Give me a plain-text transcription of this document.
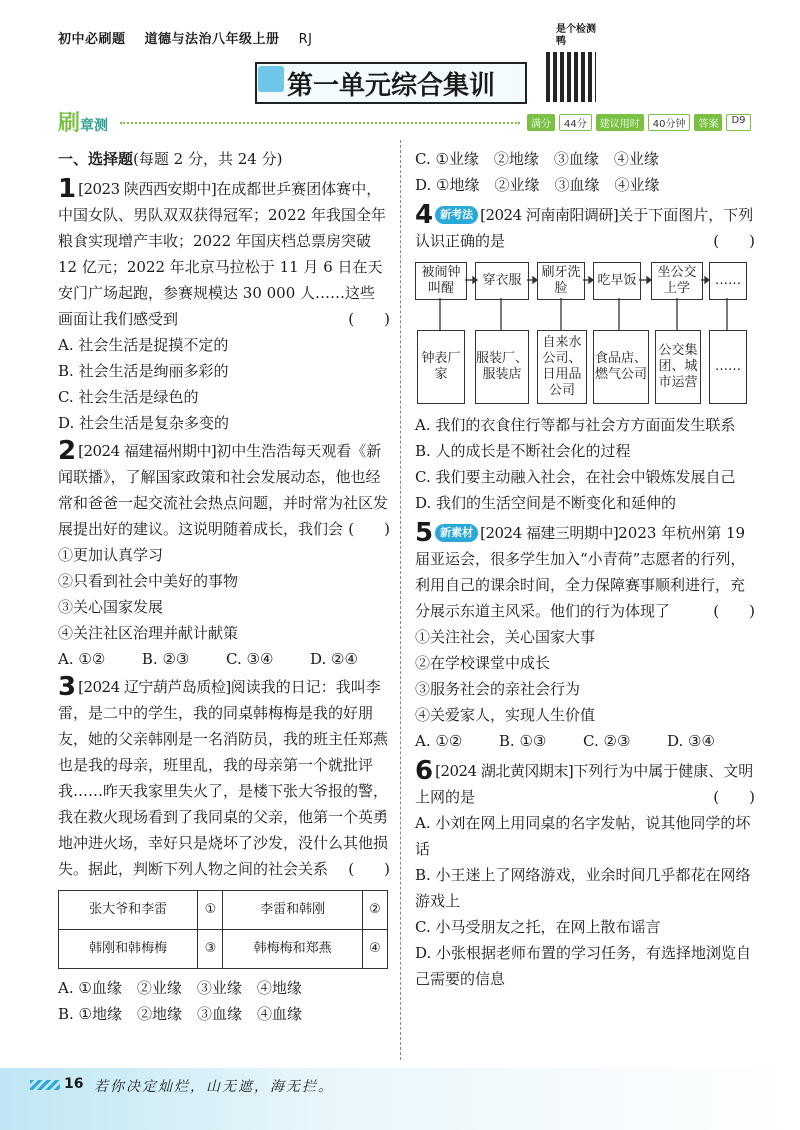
初中必刷题 道德与法治八年级上册 RJ
是个检测鸭
第一单元综合集训
刷章测	满分	44分	建议用时	40分钟	答案	D9
一、选择题(每题 2 分，共 24 分)
1 [2023 陕西西安期中]在成都世乒赛团体赛中，中国女队、男队双双获得冠军；2022 年我国全年粮食实现增产丰收；2022 年国庆档总票房突破 12 亿元；2022 年北京马拉松于 11 月 6 日在天安门广场起跑，参赛规模达 30 000 人……这些画面让我们感受到	(　　)
A. 社会生活是捉摸不定的
B. 社会生活是绚丽多彩的
C. 社会生活是绿色的
D. 社会生活是复杂多变的
2 [2024 福建福州期中]初中生浩浩每天观看《新闻联播》，了解国家政策和社会发展动态，他也经常和爸爸一起交流社会热点问题，并时常为社区发展提出好的建议。这说明随着成长，我们会 (　　)
①更加认真学习
②只看到社会中美好的事物
③关心国家发展
④关注社区治理并献计献策
A. ①② B. ②③ C. ③④ D. ②④
3 [2024 辽宁葫芦岛质检]阅读我的日记：我叫李雷，是二中的学生，我的同桌韩梅梅是我的好朋友，她的父亲韩刚是一名消防员，我的班主任郑燕也是我的母亲，班里乱，我的母亲第一个就批评我……昨天我家里失火了，是楼下张大爷报的警，我在救火现场看到了我同桌的父亲，他第一个英勇地冲进火场，幸好只是烧坏了沙发，没什么其他损失。据此，判断下列人物之间的社会关系 (　　)
张大爷和李雷	①	李雷和韩刚	②
韩刚和韩梅梅	③	韩梅梅和郑燕	④
A. ①血缘　②业缘　③业缘　④地缘
B. ①地缘　②地缘　③血缘　④血缘
C. ①业缘　②地缘　③血缘　④业缘
D. ①地缘　②业缘　③血缘　④业缘
4 新考法 [2024 河南南阳调研]关于下面图片，下列认识正确的是	(　　)
被闹钟叫醒
穿衣服
刷牙洗脸
吃早饭
坐公交上学
……
钟表厂家
服装厂、服装店
自来水公司、日用品公司
食品店、燃气公司
公交集团、城市运营
……
A. 我们的衣食住行等都与社会方方面面发生联系
B. 人的成长是不断社会化的过程
C. 我们要主动融入社会，在社会中锻炼发展自己
D. 我们的生活空间是不断变化和延伸的
5 新素材 [2024 福建三明期中]2023 年杭州第 19 届亚运会，很多学生加入“小青荷”志愿者的行列，利用自己的课余时间，全力保障赛事顺利进行，充分展示东道主风采。他们的行为体现了	(　　)
①关注社会，关心国家大事
②在学校课堂中成长
③服务社会的亲社会行为
④关爱家人，实现人生价值
A. ①② B. ①③ C. ②③ D. ③④
6 [2024 湖北黄冈期末]下列行为中属于健康、文明上网的是	(　　)
A. 小刘在网上用同桌的名字发帖，说其他同学的坏话
B. 小王迷上了网络游戏，业余时间几乎都花在网络游戏上
C. 小马受朋友之托，在网上散布谣言
D. 小张根据老师布置的学习任务，有选择地浏览自己需要的信息
16 若你决定灿烂，山无遮，海无拦。
